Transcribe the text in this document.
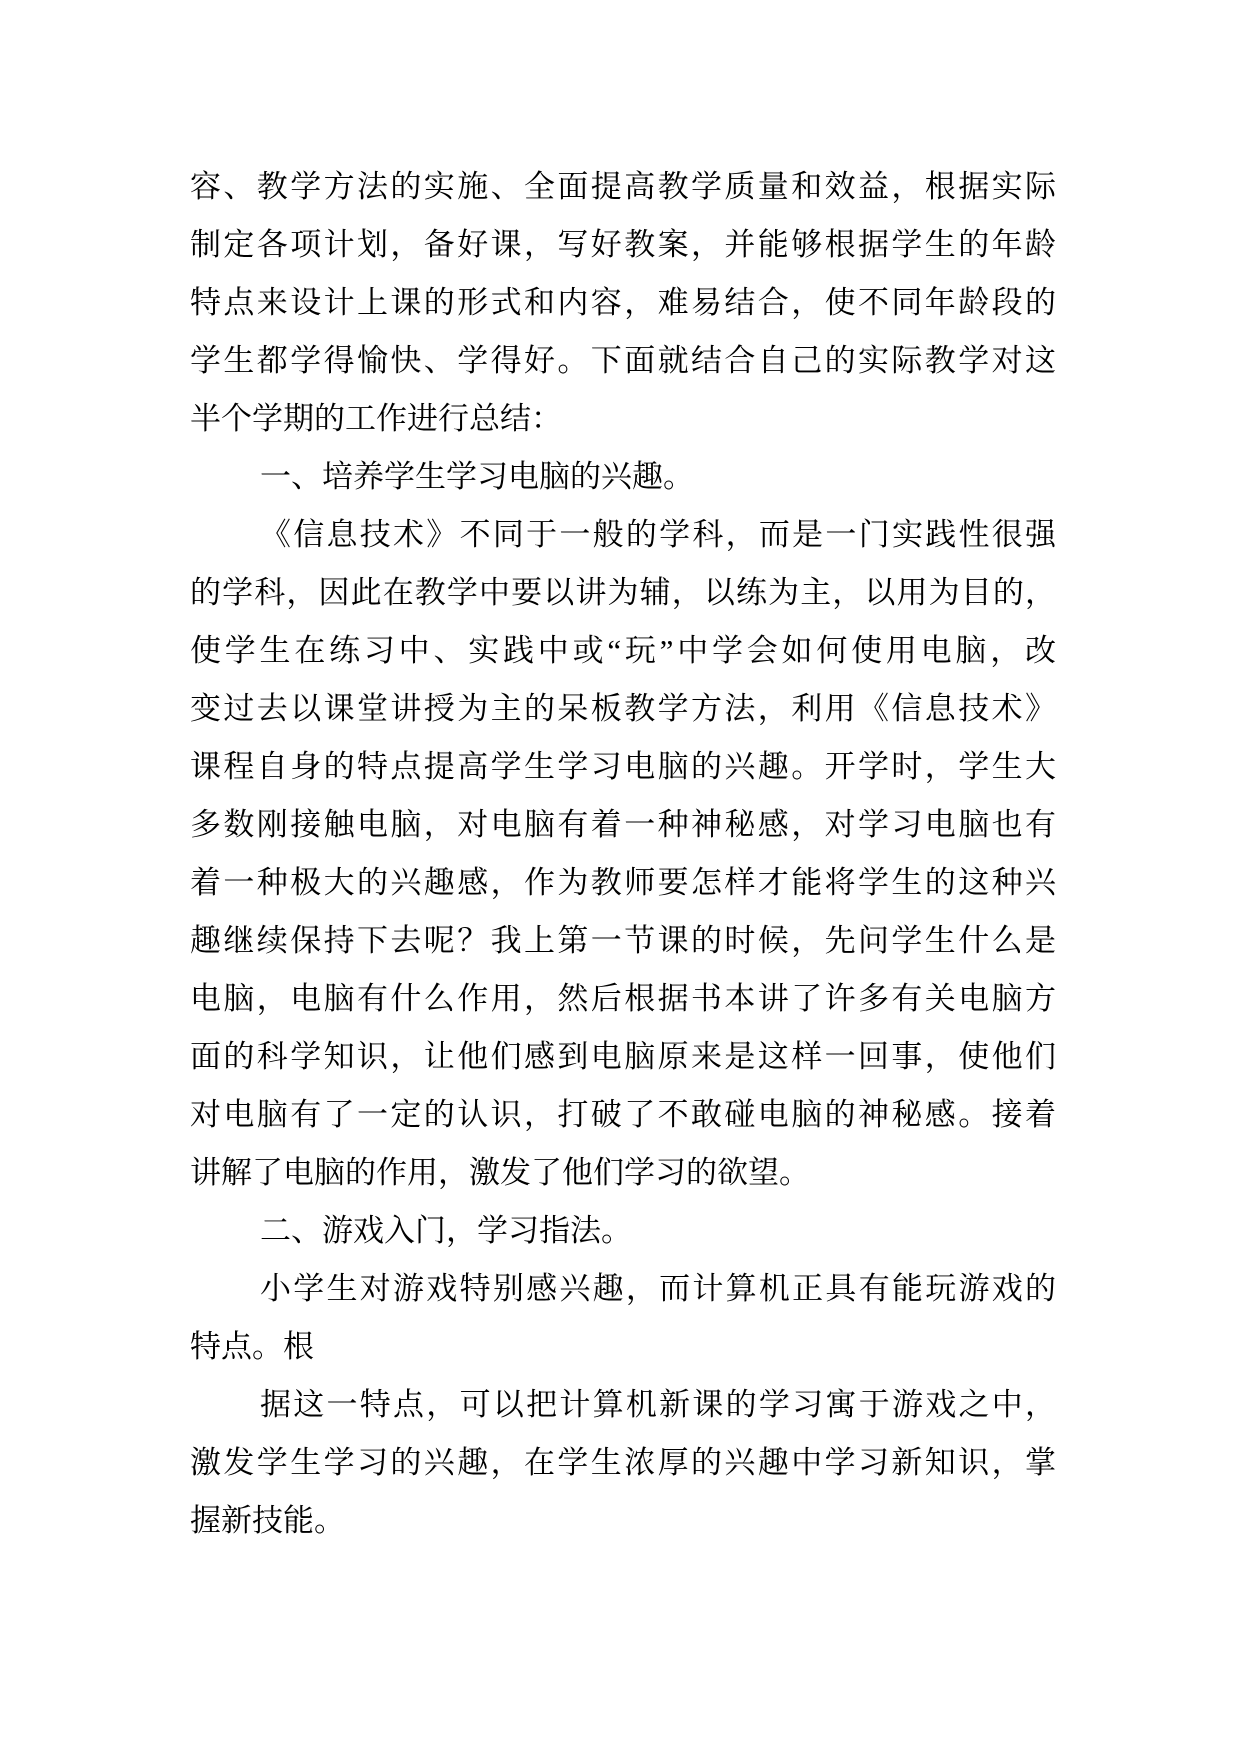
容、教学方法的实施、全面提高教学质量和效益，根据实际
制定各项计划，备好课，写好教案，并能够根据学生的年龄
特点来设计上课的形式和内容，难易结合，使不同年龄段的
学生都学得愉快、学得好。下面就结合自己的实际教学对这
半个学期的工作进行总结：
一、培养学生学习电脑的兴趣。
《信息技术》不同于一般的学科，而是一门实践性很强
的学科，因此在教学中要以讲为辅，以练为主，以用为目的，
使学生在练习中、实践中或“玩”中学会如何使用电脑，改
变过去以课堂讲授为主的呆板教学方法，利用《信息技术》
课程自身的特点提高学生学习电脑的兴趣。开学时，学生大
多数刚接触电脑，对电脑有着一种神秘感，对学习电脑也有
着一种极大的兴趣感，作为教师要怎样才能将学生的这种兴
趣继续保持下去呢？我上第一节课的时候，先问学生什么是
电脑，电脑有什么作用，然后根据书本讲了许多有关电脑方
面的科学知识，让他们感到电脑原来是这样一回事，使他们
对电脑有了一定的认识，打破了不敢碰电脑的神秘感。接着
讲解了电脑的作用，激发了他们学习的欲望。
二、游戏入门，学习指法。
小学生对游戏特别感兴趣，而计算机正具有能玩游戏的
特点。根
据这一特点，可以把计算机新课的学习寓于游戏之中，
激发学生学习的兴趣，在学生浓厚的兴趣中学习新知识，掌
握新技能。
